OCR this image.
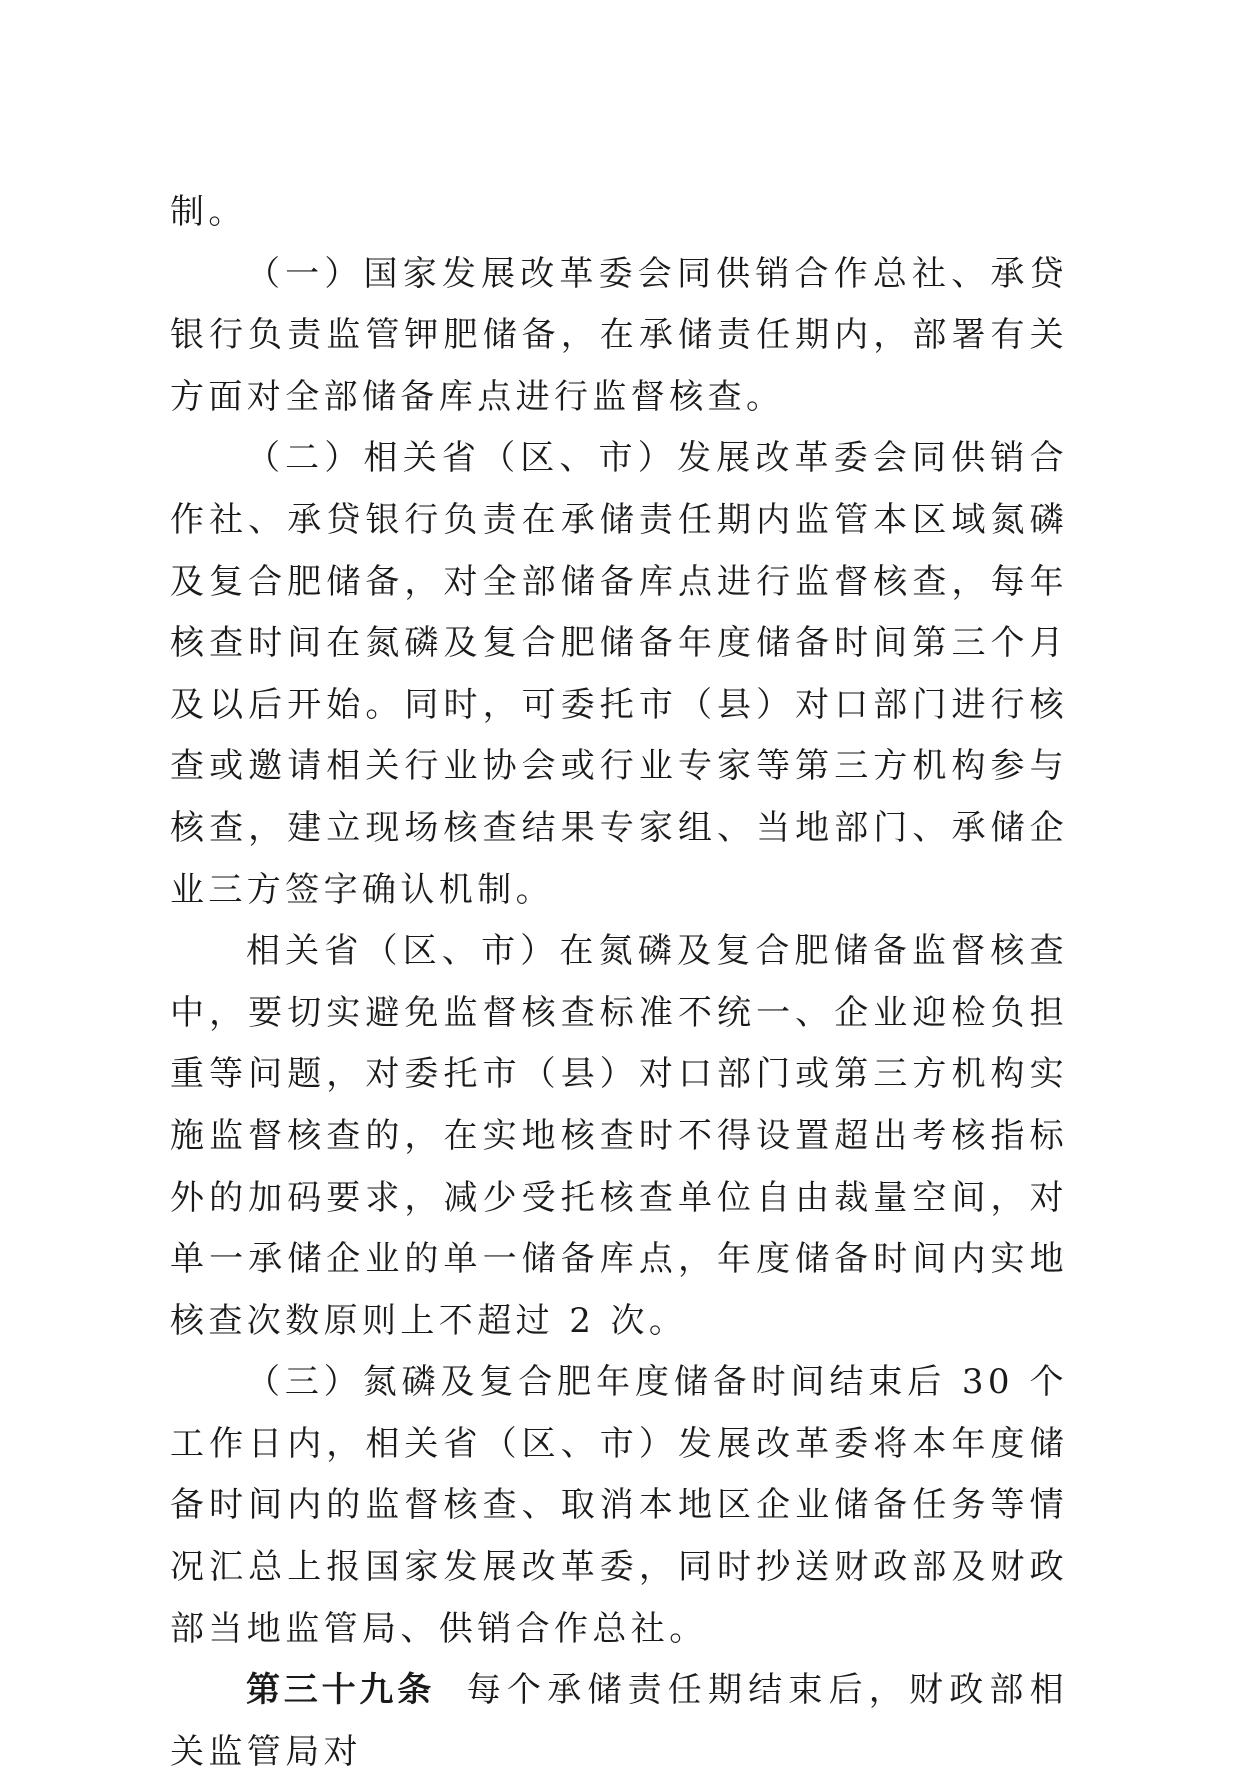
制。

（一）国家发展改革委会同供销合作总社、承贷银行负责监管钾肥储备，在承储责任期内，部署有关方面对全部储备库点进行监督核查。

（二）相关省（区、市）发展改革委会同供销合作社、承贷银行负责在承储责任期内监管本区域氮磷及复合肥储备，对全部储备库点进行监督核查，每年核查时间在氮磷及复合肥储备年度储备时间第三个月及以后开始。同时，可委托市（县）对口部门进行核查或邀请相关行业协会或行业专家等第三方机构参与核查，建立现场核查结果专家组、当地部门、承储企业三方签字确认机制。

相关省（区、市）在氮磷及复合肥储备监督核查中，要切实避免监督核查标准不统一、企业迎检负担重等问题，对委托市（县）对口部门或第三方机构实施监督核查的，在实地核查时不得设置超出考核指标外的加码要求，减少受托核查单位自由裁量空间，对单一承储企业的单一储备库点，年度储备时间内实地核查次数原则上不超过 2 次。

（三）氮磷及复合肥年度储备时间结束后 30 个工作日内，相关省（区、市）发展改革委将本年度储备时间内的监督核查、取消本地区企业储备任务等情况汇总上报国家发展改革委，同时抄送财政部及财政部当地监管局、供销合作总社。

第三十九条 每个承储责任期结束后，财政部相关监管局对
